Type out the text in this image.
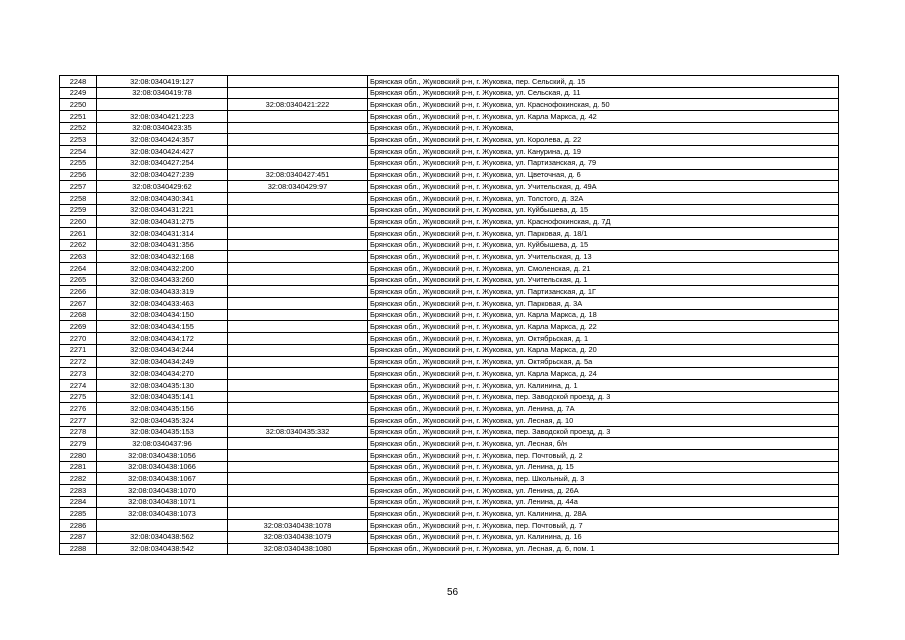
2248	32:08:0340419:127		Брянская обл., Жуковский р-н, г. Жуковка, пер. Сельский, д. 15
2249	32:08:0340419:78		Брянская обл., Жуковский р-н, г. Жуковка, ул. Сельская, д. 11
2250		32:08:0340421:222	Брянская обл., Жуковский р-н, г. Жуковка, ул. Краснофокинская, д. 50
2251	32:08:0340421:223		Брянская обл., Жуковский р-н, г. Жуковка, ул. Карла Маркса, д. 42
2252	32:08:0340423:35		Брянская обл., Жуковский р-н, г. Жуковка,
2253	32:08:0340424:357		Брянская обл., Жуковский р-н, г. Жуковка, ул. Королева, д. 22
2254	32:08:0340424:427		Брянская обл., Жуковский р-н, г. Жуковка, ул. Канурина, д. 19
2255	32:08:0340427:254		Брянская обл., Жуковский р-н, г. Жуковка, ул. Партизанская, д. 79
2256	32:08:0340427:239	32:08:0340427:451	Брянская обл., Жуковский р-н, г. Жуковка, ул. Цветочная, д. 6
2257	32:08:0340429:62	32:08:0340429:97	Брянская обл., Жуковский р-н, г. Жуковка, ул. Учительская, д. 49А
2258	32:08:0340430:341		Брянская обл., Жуковский р-н, г. Жуковка, ул. Толстого, д. 32А
2259	32:08:0340431:221		Брянская обл., Жуковский р-н, г. Жуковка, ул. Куйбышева, д. 15
2260	32:08:0340431:275		Брянская обл., Жуковский р-н, г. Жуковка, ул. Краснофокинская, д. 7Д
2261	32:08:0340431:314		Брянская обл., Жуковский р-н, г. Жуковка, ул. Парковая, д. 18/1
2262	32:08:0340431:356		Брянская обл., Жуковский р-н, г. Жуковка, ул. Куйбышева, д. 15
2263	32:08:0340432:168		Брянская обл., Жуковский р-н, г. Жуковка, ул. Учительская, д. 13
2264	32:08:0340432:200		Брянская обл., Жуковский р-н, г. Жуковка, ул. Смоленская, д. 21
2265	32:08:0340433:260		Брянская обл., Жуковский р-н, г. Жуковка, ул. Учительская, д. 1
2266	32:08:0340433:319		Брянская обл., Жуковский р-н, г. Жуковка, ул. Партизанская, д. 1Г
2267	32:08:0340433:463		Брянская обл., Жуковский р-н, г. Жуковка, ул. Парковая, д. 3А
2268	32:08:0340434:150		Брянская обл., Жуковский р-н, г. Жуковка, ул. Карла Маркса, д. 18
2269	32:08:0340434:155		Брянская обл., Жуковский р-н, г. Жуковка, ул. Карла Маркса, д. 22
2270	32:08:0340434:172		Брянская обл., Жуковский р-н, г. Жуковка, ул. Октябрьская, д. 1
2271	32:08:0340434:244		Брянская обл., Жуковский р-н, г. Жуковка, ул. Карла Маркса, д. 20
2272	32:08:0340434:249		Брянская обл., Жуковский р-н, г. Жуковка, ул. Октябрьская, д. 5а
2273	32:08:0340434:270		Брянская обл., Жуковский р-н, г. Жуковка, ул. Карла Маркса, д. 24
2274	32:08:0340435:130		Брянская обл., Жуковский р-н, г. Жуковка, ул. Калинина, д. 1
2275	32:08:0340435:141		Брянская обл., Жуковский р-н, г. Жуковка, пер. Заводской проезд, д. 3
2276	32:08:0340435:156		Брянская обл., Жуковский р-н, г. Жуковка, ул. Ленина, д. 7А
2277	32:08:0340435:324		Брянская обл., Жуковский р-н, г. Жуковка, ул. Лесная, д. 10
2278	32:08:0340435:153	32:08:0340435:332	Брянская обл., Жуковский р-н, г. Жуковка, пер. Заводской проезд, д. 3
2279	32:08:0340437:96		Брянская обл., Жуковский р-н, г. Жуковка, ул. Лесная, б/н
2280	32:08:0340438:1056		Брянская обл., Жуковский р-н, г. Жуковка, пер. Почтовый, д. 2
2281	32:08:0340438:1066		Брянская обл., Жуковский р-н, г. Жуковка, ул. Ленина, д. 15
2282	32:08:0340438:1067		Брянская обл., Жуковский р-н, г. Жуковка, пер. Школьный, д. 3
2283	32:08:0340438:1070		Брянская обл., Жуковский р-н, г. Жуковка, ул. Ленина, д. 26А
2284	32:08:0340438:1071		Брянская обл., Жуковский р-н, г. Жуковка, ул. Ленина, д. 44а
2285	32:08:0340438:1073		Брянская обл., Жуковский р-н, г. Жуковка, ул. Калинина, д. 28А
2286		32:08:0340438:1078	Брянская обл., Жуковский р-н, г. Жуковка, пер. Почтовый, д. 7
2287	32:08:0340438:562	32:08:0340438:1079	Брянская обл., Жуковский р-н, г. Жуковка, ул. Калинина, д. 16
2288	32:08:0340438:542	32:08:0340438:1080	Брянская обл., Жуковский р-н, г. Жуковка, ул. Лесная, д. 6, пом. 1
56
